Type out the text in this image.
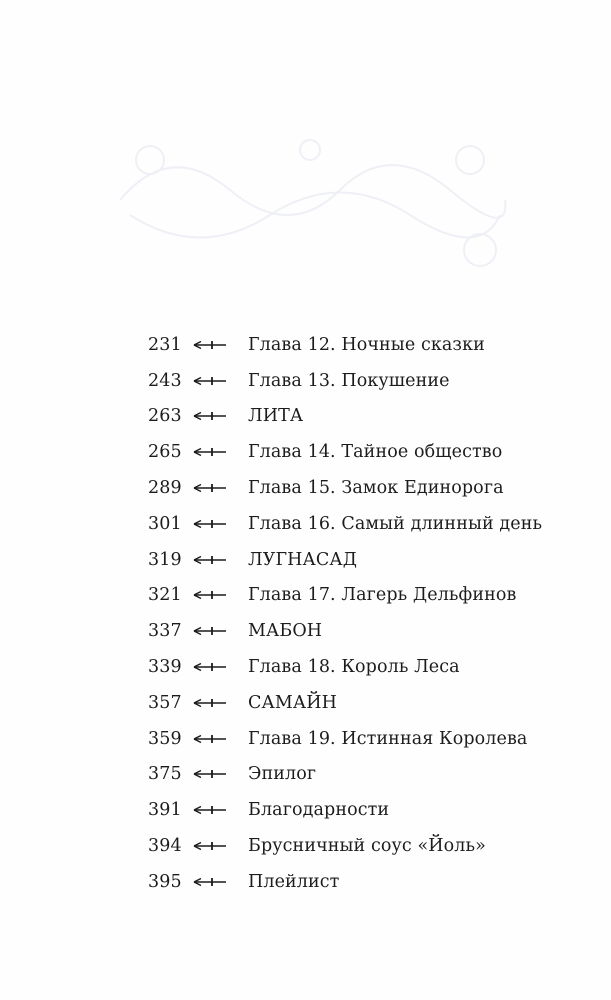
231	Глава 12. Ночные сказки
243	Глава 13. Покушение
263	ЛИТА
265	Глава 14. Тайное общество
289	Глава 15. Замок Единорога
301	Глава 16. Самый длинный день
319	ЛУГНАСАД
321	Глава 17. Лагерь Дельфинов
337	МАБОН
339	Глава 18. Король Леса
357	САМАЙН
359	Глава 19. Истинная Королева
375	Эпилог
391	Благодарности
394	Брусничный соус «Йоль»
395	Плейлист
